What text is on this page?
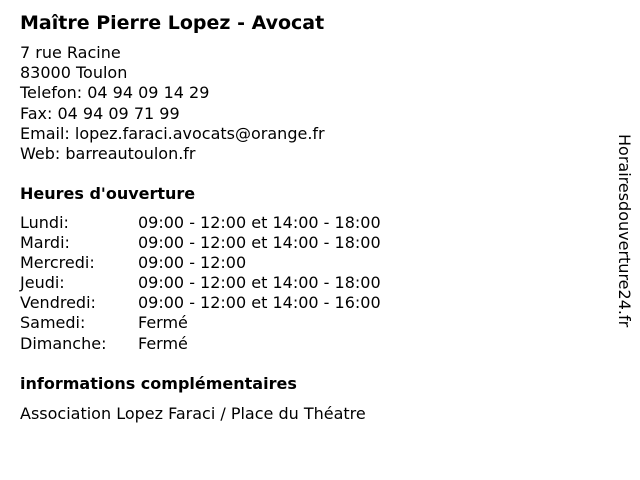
Maître Pierre Lopez - Avocat
7 rue Racine
83000 Toulon
Telefon: 04 94 09 14 29
Fax: 04 94 09 71 99
Email: lopez.faraci.avocats@orange.fr
Web: barreautoulon.fr
Heures d'ouverture
Lundi:	09:00 - 12:00 et 14:00 - 18:00
Mardi:	09:00 - 12:00 et 14:00 - 18:00
Mercredi:	09:00 - 12:00
Jeudi:	09:00 - 12:00 et 14:00 - 18:00
Vendredi:	09:00 - 12:00 et 14:00 - 16:00
Samedi:	Fermé
Dimanche: Fermé
informations complémentaires
Association Lopez Faraci / Place du Théatre
Horairesdouverture24.fr
